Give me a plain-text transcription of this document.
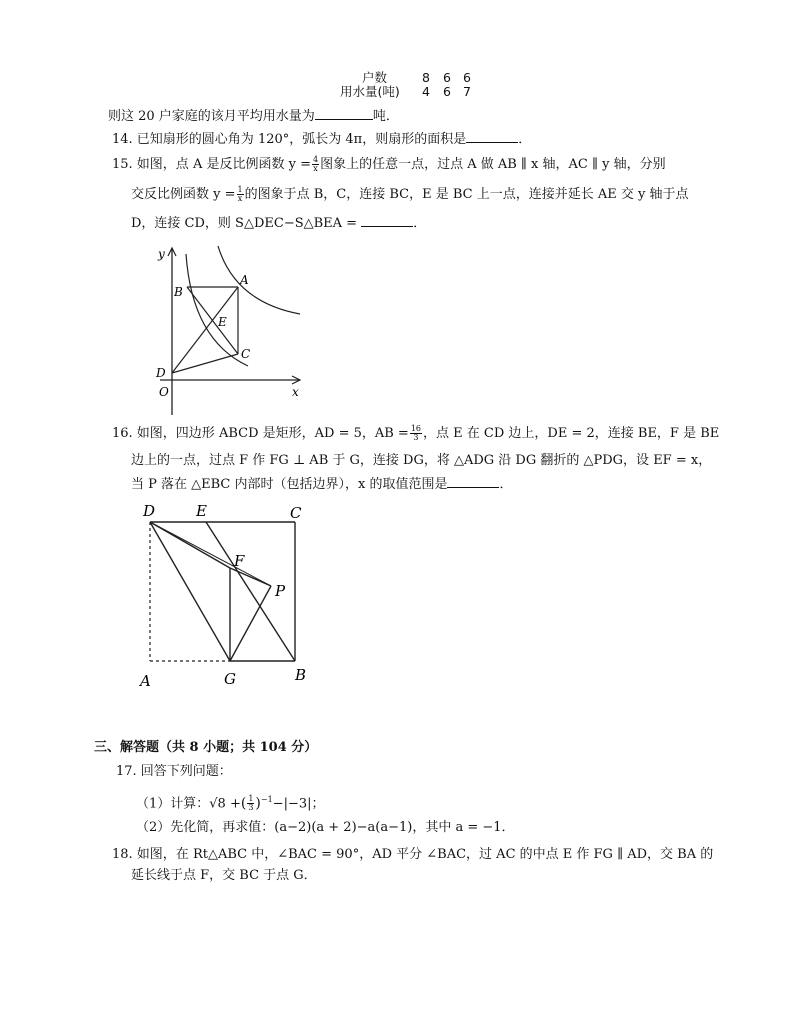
户数	8 6 6
用水量(吨) 4 6 7
则这 20 户家庭的该月平均用水量为	吨．
14. 已知扇形的圆心角为 120°，弧长为 4π，则扇形的面积是	．
15. 如图，点 A 是反比例函数 $y = \frac{4}{x}$ 图象上的任意一点，过点 A 做 AB ∥ x 轴，AC ∥ y 轴，分别
交反比例函数 $y = \frac{1}{x}$ 的图象于点 B，C，连接 BC，E 是 BC 上一点，连接并延长 AE 交 y 轴于点
D，连接 CD，则 S△DEC−S△BEA =	．
y
x
O
A
B
C
D
E
16. 如图，四边形 ABCD 是矩形，AD = 5，AB = $\frac{16}{3}$ ，点 E 在 CD 边上，DE = 2，连接 BE，F 是 BE
边上的一点，过点 F 作 FG ⊥ AB 于 G，连接 DG，将 △ADG 沿 DG 翻折的 △PDG，设 EF = x，
当 P 落在 △EBC 内部时（包括边界），x 的取值范围是	．
D	E	C
F
P
A	G	B
三、解答题（共 8 小题；共 104 分）
17. 回答下列问题：
（1）计算：√8 +( $\frac{1}{3} )^{-1}-|-3|$；
（2）先化简，再求值：(a−2)(a + 2)−a(a−1)，其中 a = −1．
18. 如图，在 Rt△ABC 中，∠BAC = 90°，AD 平分 ∠BAC，过 AC 的中点 E 作 FG ∥ AD，交 BA 的
延长线于点 F，交 BC 于点 G．
